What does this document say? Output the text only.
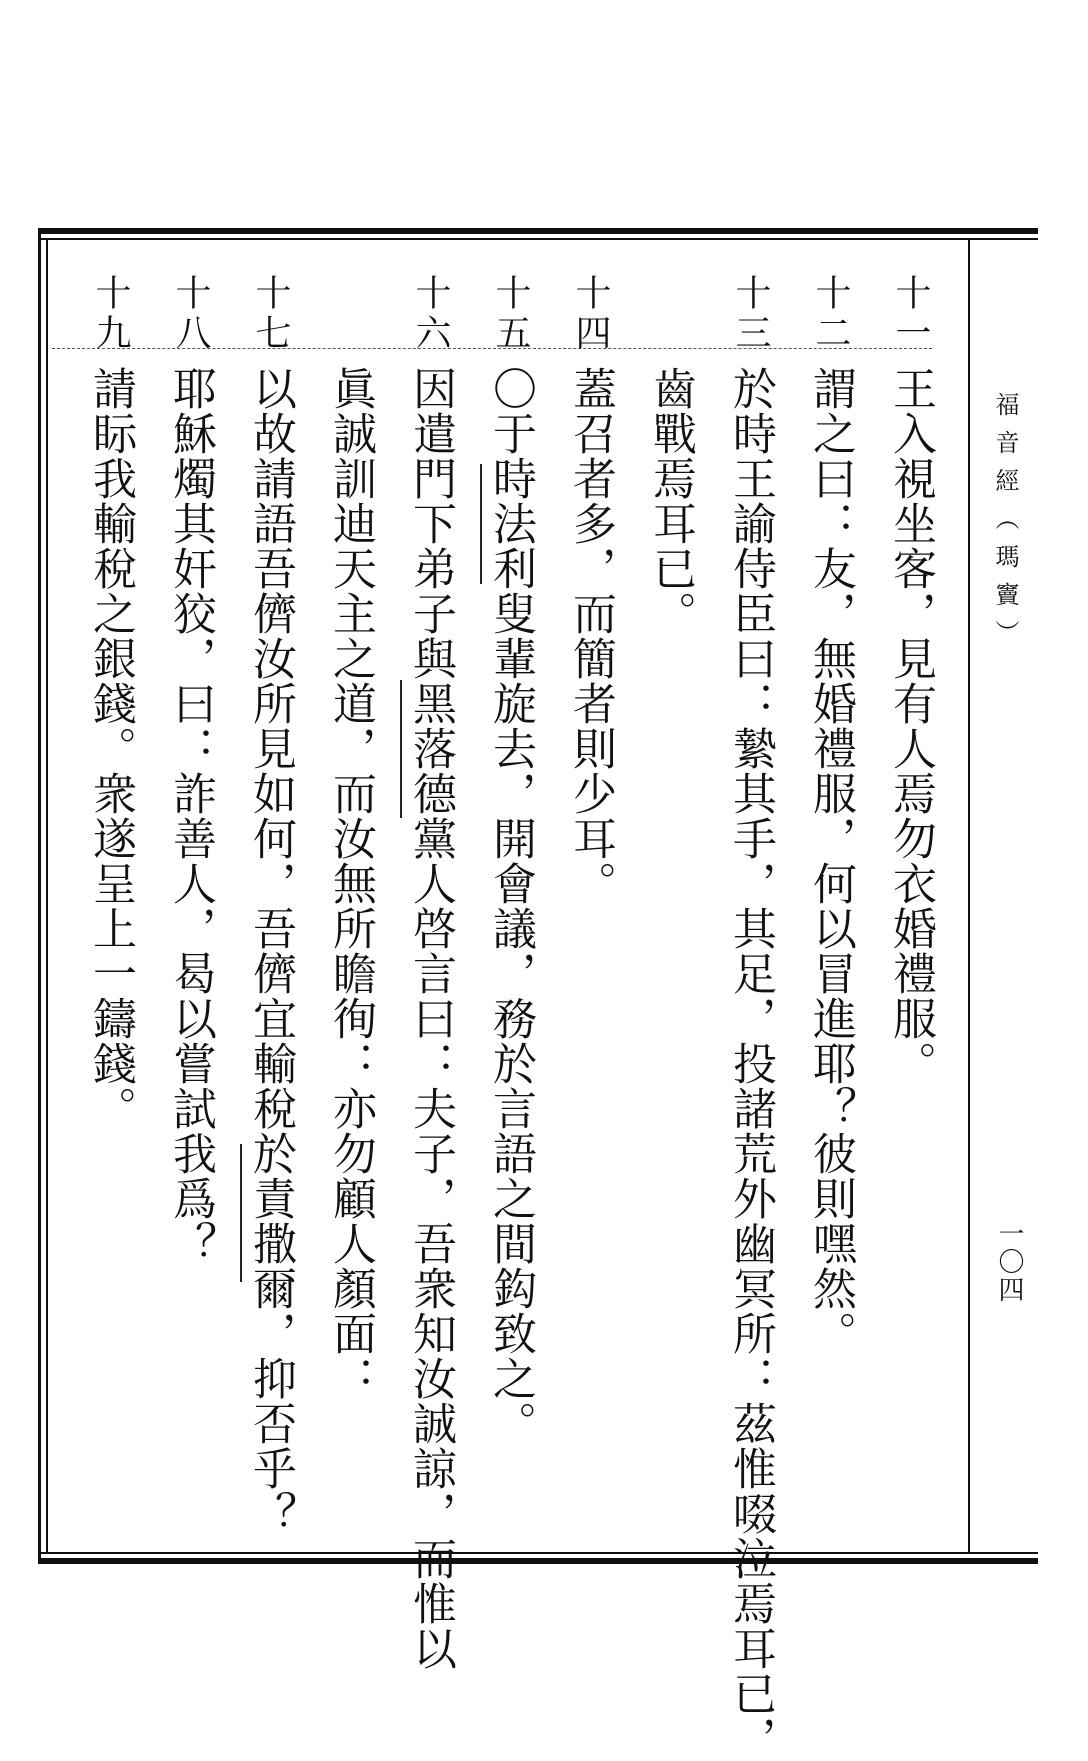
福音經（瑪竇）
一〇四
十一
十二
十三
十四
十五
十六
十七
十八
十九
王入視坐客，見有人焉勿衣婚禮服。
謂之曰：友，無婚禮服，何以冒進耶？彼則嘿然。
於時王諭侍臣曰：縶其手，其足，投諸荒外幽冥所：茲惟啜泣焉耳已，
齒戰焉耳已。
蓋召者多，而簡者則少耳。
〇于時法利叟輩旋去，開會議，務於言語之間鈎致之。
因遣門下弟子與黑落德黨人啓言曰：夫子，吾衆知汝誠諒，而惟以
眞誠訓迪天主之道，而汝無所瞻徇：亦勿顧人顏面：
以故請語吾儕汝所見如何，吾儕宜輸稅於責撒爾，抑否乎？
耶穌燭其奸狡，曰：詐善人，曷以嘗試我爲？
請眎我輸稅之銀錢。衆遂呈上一鑄錢。
